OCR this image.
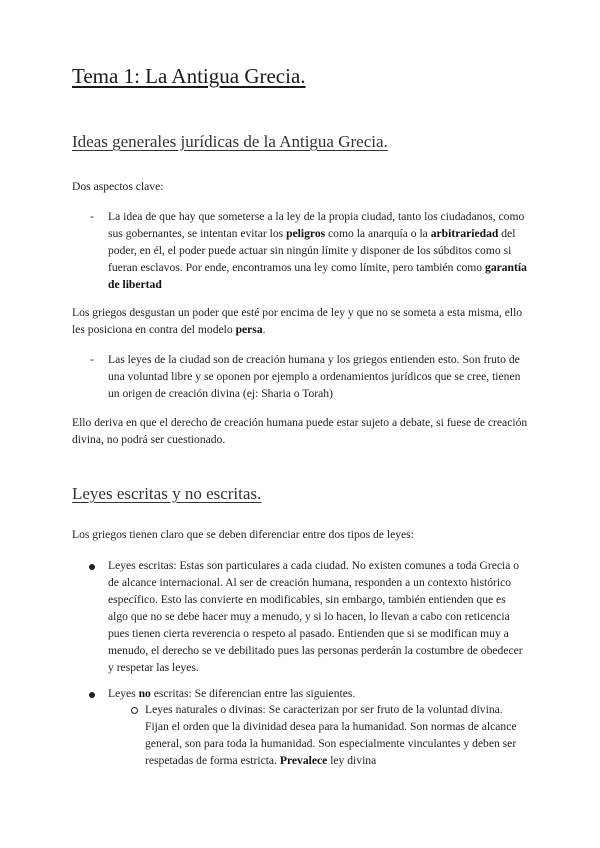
Tema 1: La Antigua Grecia.
Ideas generales jurídicas de la Antigua Grecia.

Dos aspectos clave:

- La idea de que hay que someterse a la ley de la propia ciudad, tanto los ciudadanos, como sus gobernantes, se intentan evitar los peligros como la anarquía o la arbitrariedad del poder, en él, el poder puede actuar sin ningún límite y disponer de los súbditos como si fueran esclavos. Por ende, encontramos una ley como límite, pero también como garantía de libertad

Los griegos desgustan un poder que esté por encima de ley y que no se someta a esta misma, ello les posiciona en contra del modelo persa.

- Las leyes de la ciudad son de creación humana y los griegos entienden esto. Son fruto de una voluntad libre y se oponen por ejemplo a ordenamientos jurídicos que se cree, tienen un origen de creación divina (ej: Sharia o Torah)

Ello deriva en que el derecho de creación humana puede estar sujeto a debate, si fuese de creación divina, no podrá ser cuestionado.

Leyes escritas y no escritas.

Los griegos tienen claro que se deben diferenciar entre dos tipos de leyes:

Leyes escritas: Estas son particulares a cada ciudad. No existen comunes a toda Grecia o de alcance internacional. Al ser de creación humana, responden a un contexto histórico específico. Esto las convierte en modificables, sin embargo, también entienden que es algo que no se debe hacer muy a menudo, y si lo hacen, lo llevan a cabo con reticencia pues tienen cierta reverencia o respeto al pasado. Entienden que si se modifican muy a menudo, el derecho se ve debilitado pues las personas perderán la costumbre de obedecer y respetar las leyes.

Leyes no escritas: Se diferencian entre las siguientes.

Leyes naturales o divinas: Se caracterizan por ser fruto de la voluntad divina. Fijan el orden que la divinidad desea para la humanidad. Son normas de alcance general, son para toda la humanidad. Son especialmente vinculantes y deben ser respetadas de forma estricta. Prevalece ley divina
